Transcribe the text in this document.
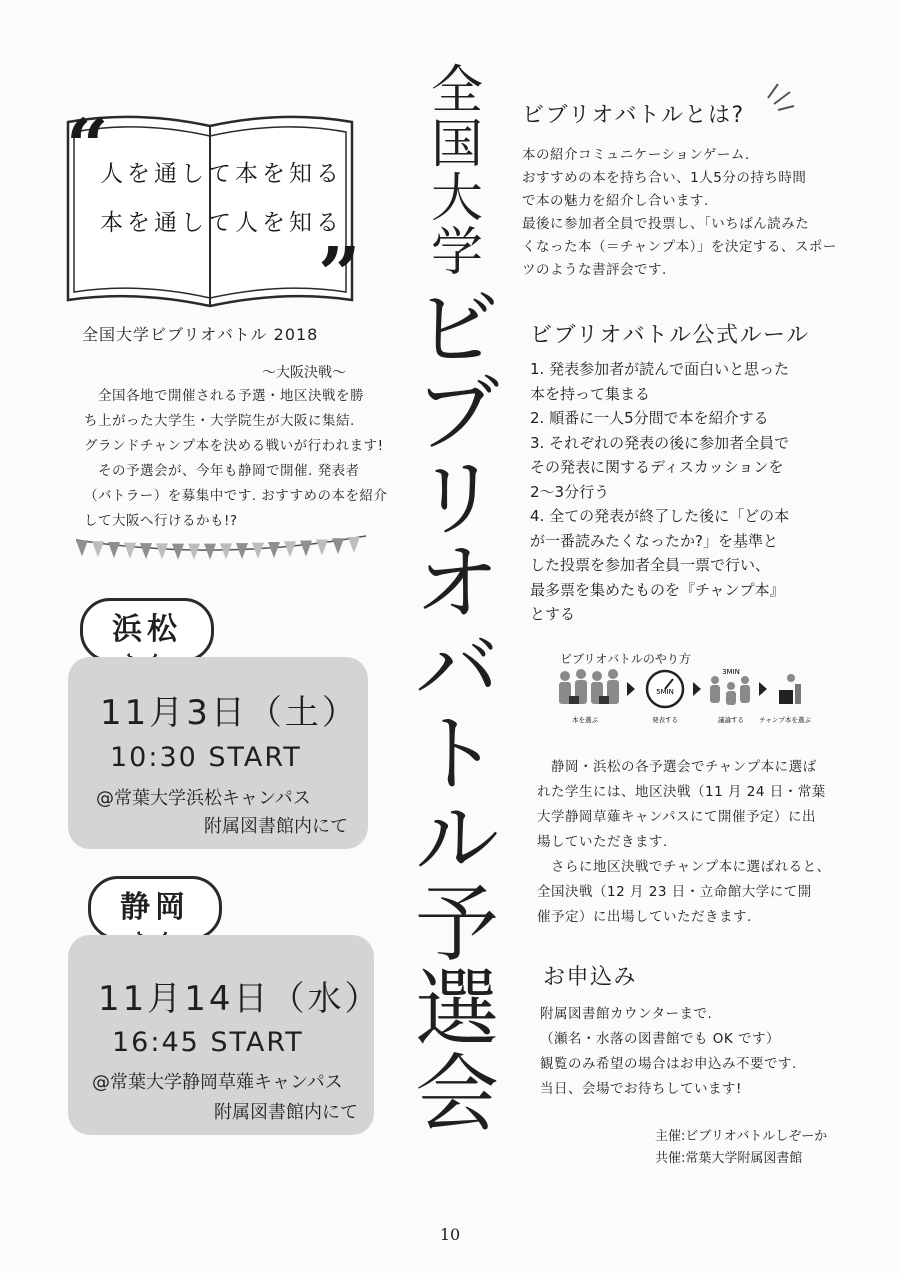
“
人を通して本を知る
本を通して人を知る
”
全国大学ビブリオバトル 2018
～大阪決戦～
　全国各地で開催される予選・地区決戦を勝
ち上がった大学生・大学院生が大阪に集結.
グランドチャンプ本を決める戦いが行われます!
　その予選会が、今年も静岡で開催. 発表者
（バトラー）を募集中です. おすすめの本を紹介
して大阪へ行けるかも!?
浜松
11月3日（土）
10:30 START
@常葉大学浜松キャンパス
附属図書館内にて
静岡
11月14日（水）
16:45 START
@常葉大学静岡草薙キャンパス
附属図書館内にて
全
国
大
学
ビ
ブ
リ
オ
バ
ト
ル
予
選
会
ビブリオバトルとは?
本の紹介コミュニケーションゲーム.
おすすめの本を持ち合い、1人5分の持ち時間
で本の魅力を紹介し合います.
最後に参加者全員で投票し、「いちばん読みた
くなった本（＝チャンプ本）」を決定する、スポー
ツのような書評会です.
ビブリオバトル公式ルール
1. 発表参加者が読んで面白いと思った
本を持って集まる
2. 順番に一人5分間で本を紹介する
3. それぞれの発表の後に参加者全員で
その発表に関するディスカッションを
2〜3分行う
4. 全ての発表が終了した後に「どの本
が一番読みたくなったか?」を基準と
した投票を参加者全員一票で行い、
最多票を集めたものを『チャンプ本』
とする
ビブリオバトルのやり方
5MIN
3MIN
本を選ぶ	発表する	議論する チャンプ本を選ぶ
　静岡・浜松の各予選会でチャンプ本に選ば
れた学生には、地区決戦（11 月 24 日・常葉
大学静岡草薙キャンパスにて開催予定）に出
場していただきます.
　さらに地区決戦でチャンプ本に選ばれると、
全国決戦（12 月 23 日・立命館大学にて開
催予定）に出場していただきます.
お申込み
附属図書館カウンターまで.
（瀬名・水落の図書館でも OK です）
観覧のみ希望の場合はお申込み不要です.
当日、会場でお待ちしています!
主催:ビブリオバトルしぞーか
共催:常葉大学附属図書館
10
